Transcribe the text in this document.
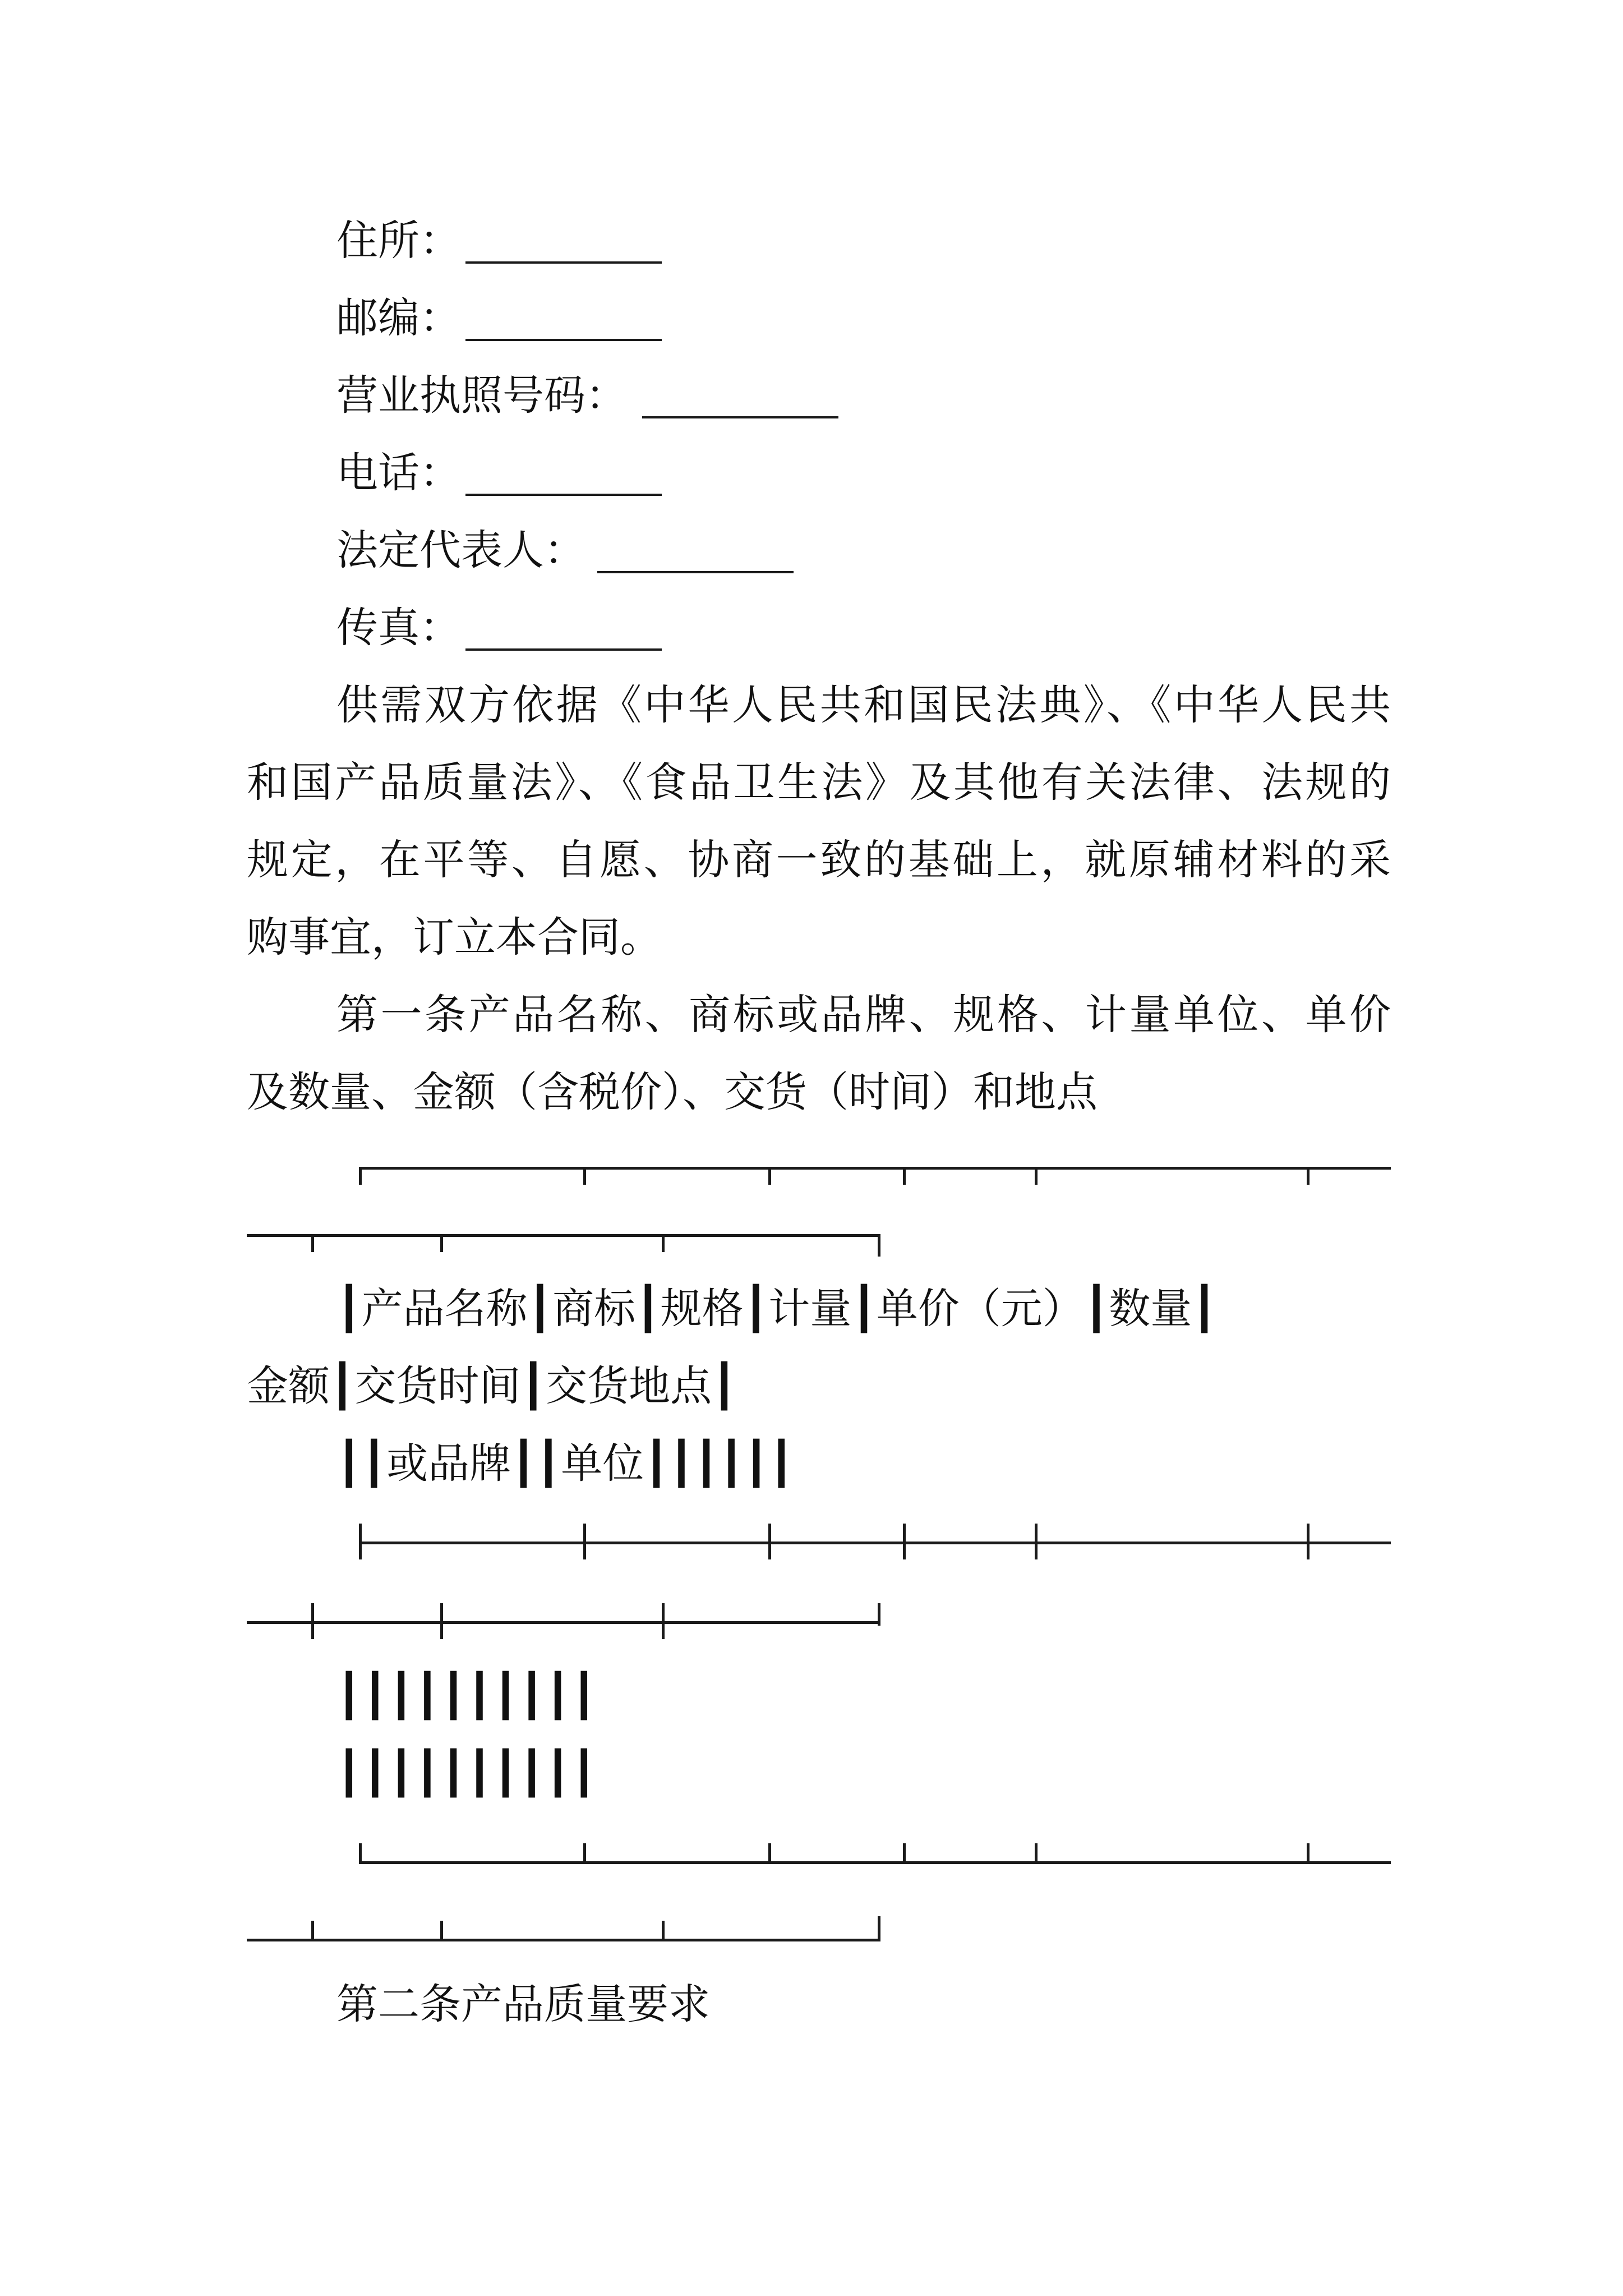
住所：
邮编：
营业执照号码：
电话：
法定代表人：
传真：
供需双方依据《中华人民共和国民法典》、《中华人民共
和国产品质量法》、《食品卫生法》及其他有关法律、法规的
规定，在平等、自愿、协商一致的基础上，就原辅材料的采
购事宜，订立本合同。
第一条产品名称、商标或品牌、规格、计量单位、单价
及数量、金额（含税价）、交货（时间）和地点
┃产品名称┃商标┃规格┃计量┃单价（元）┃数量┃
金额┃交货时间┃交货地点┃
┃┃或品牌┃┃单位┃┃┃┃┃┃
┃┃┃┃┃┃┃┃┃┃
┃┃┃┃┃┃┃┃┃┃
第二条产品质量要求
